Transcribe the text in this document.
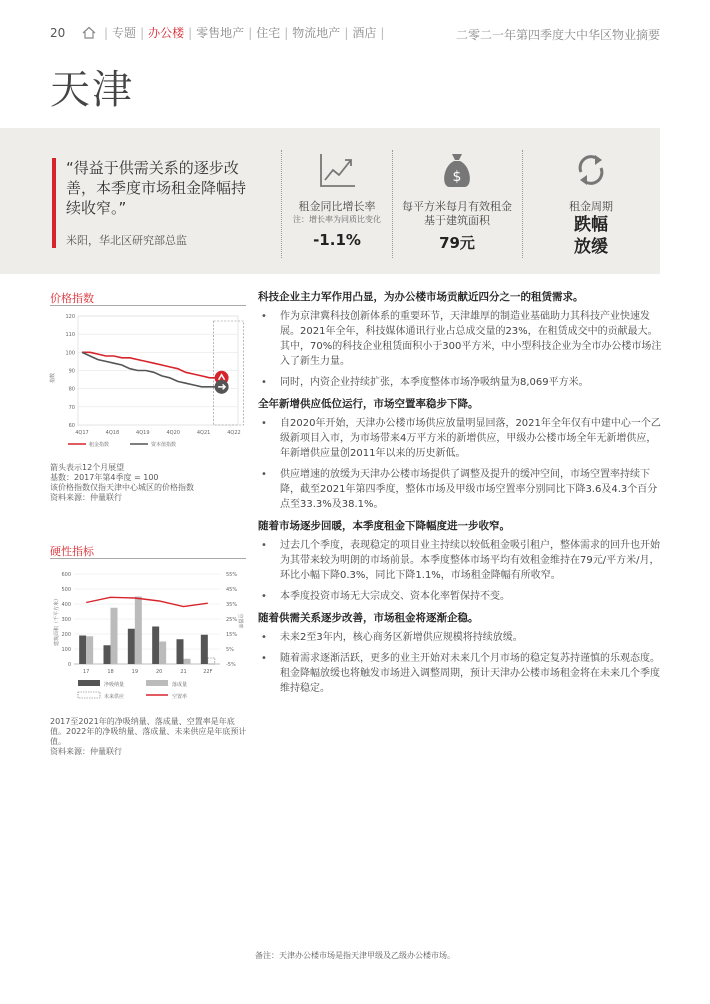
20	| 专题 | 办公楼 | 零售地产 | 住宅 | 物流地产 | 酒店 |	二零二一年第四季度大中华区物业摘要
天津
“得益于供需关系的逐步改善，本季度市场租金降幅持续收窄。”
米阳，华北区研究部总监
租金同比增长率
注：增长率为同质比变化
-1.1%
$
每平方米每月有效租金基于建筑面积
79元
租金周期
跌幅
放缓
价格指数
指数
60
70
80
90
100
110
120
4Q17	4Q18	4Q19	4Q20	4Q21	4Q22
租金指数	资本值指数
箭头表示12个月展望
基数：2017年第4季度 = 100
该价格指数仅指天津中心城区的价格指数
资料来源：仲量联行
硬性指标
建筑面积（千平方米）	空置率
0
100
200
300
400
500
600
-5%
5%
15%
25%
35%
45%
55%
17	18	19	20	21	22F
净吸纳量	落成量
未来供应	空置率
2017至2021年的净吸纳量、落成量、空置率是年底值。2022年的净吸纳量、落成量、未来供应是年底预计值。
资料来源：仲量联行
科技企业主力军作用凸显，为办公楼市场贡献近四分之一的租赁需求。
• 作为京津冀科技创新体系的重要环节，天津雄厚的制造业基础助力其科技产业快速发展。2021年全年，科技媒体通讯行业占总成交量的23%，在租赁成交中的贡献最大。其中，70%的科技企业租赁面积小于300平方米，中小型科技企业为全市办公楼市场注入了新生力量。
• 同时，内资企业持续扩张，本季度整体市场净吸纳量为8,069平方米。
全年新增供应低位运行，市场空置率稳步下降。
• 自2020年开始，天津办公楼市场供应放量明显回落，2021年全年仅有中建中心一个乙级新项目入市，为市场带来4万平方米的新增供应，甲级办公楼市场全年无新增供应，年新增供应量创2011年以来的历史新低。
• 供应增速的放缓为天津办公楼市场提供了调整及提升的缓冲空间，市场空置率持续下降，截至2021年第四季度，整体市场及甲级市场空置率分别同比下降3.6及4.3个百分点至33.3%及38.1%。
随着市场逐步回暖，本季度租金下降幅度进一步收窄。
• 过去几个季度，表现稳定的项目业主持续以较低租金吸引租户，整体需求的回升也开始为其带来较为明朗的市场前景。本季度整体市场平均有效租金维持在79元/平方米/月，环比小幅下降0.3%，同比下降1.1%，市场租金降幅有所收窄。
• 本季度投资市场无大宗成交、资本化率暂保持不变。
随着供需关系逐步改善，市场租金将逐渐企稳。
• 未来2至3年内，核心商务区新增供应规模将持续放缓。
• 随着需求逐渐活跃，更多的业主开始对未来几个月市场的稳定复苏持谨慎的乐观态度。租金降幅放缓也将触发市场进入调整周期，预计天津办公楼市场租金将在未来几个季度维持稳定。
备注：天津办公楼市场是指天津甲级及乙级办公楼市场。
